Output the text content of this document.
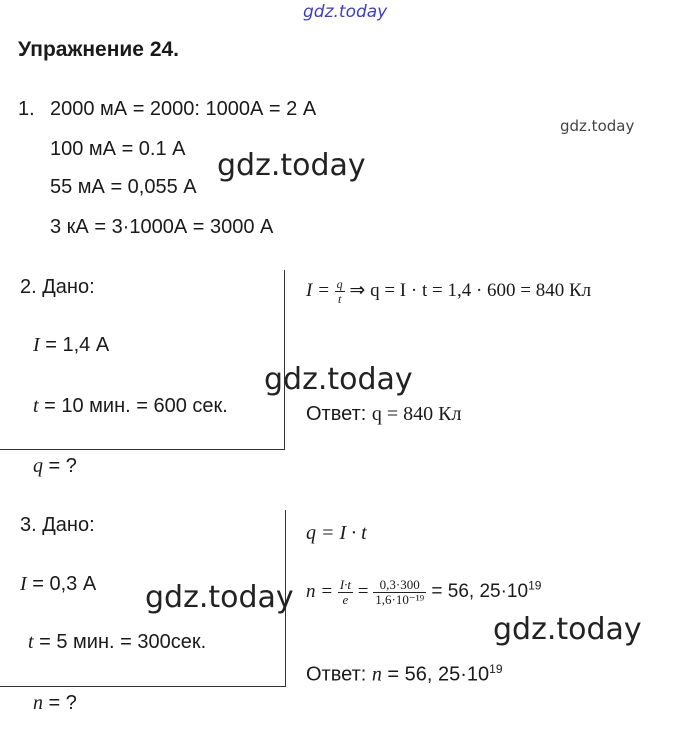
gdz.today
gdz.today
Упражнение 24.
1. 2000 мА = 2000: 1000А = 2 А
100 мА = 0.1 А
55 мА = 0,055 А
3 кА = 3·1000А = 3000 А
gdz.today
2. Дано:
I = 1,4 А
t = 10 мин. = 600 сек.
q = ?
$I = \frac{q}{t}$ ⇒ q = I · t = 1,4 · 600 = 840 Кл
Ответ: q = 840 Кл
gdz.today
3. Дано:
I = 0,3 А
t = 5 мин. = 300сек.
n = ?
q = I · t
$n = \frac{I\cdot t}{e} = \frac{0,3\cdot 300}{\text{1,6·10⁻¹⁹}} = 56$, $25\cdot 10^{19}$
Ответ: n = 56, $25\cdot 10^{19}$
gdz.today
gdz.today
